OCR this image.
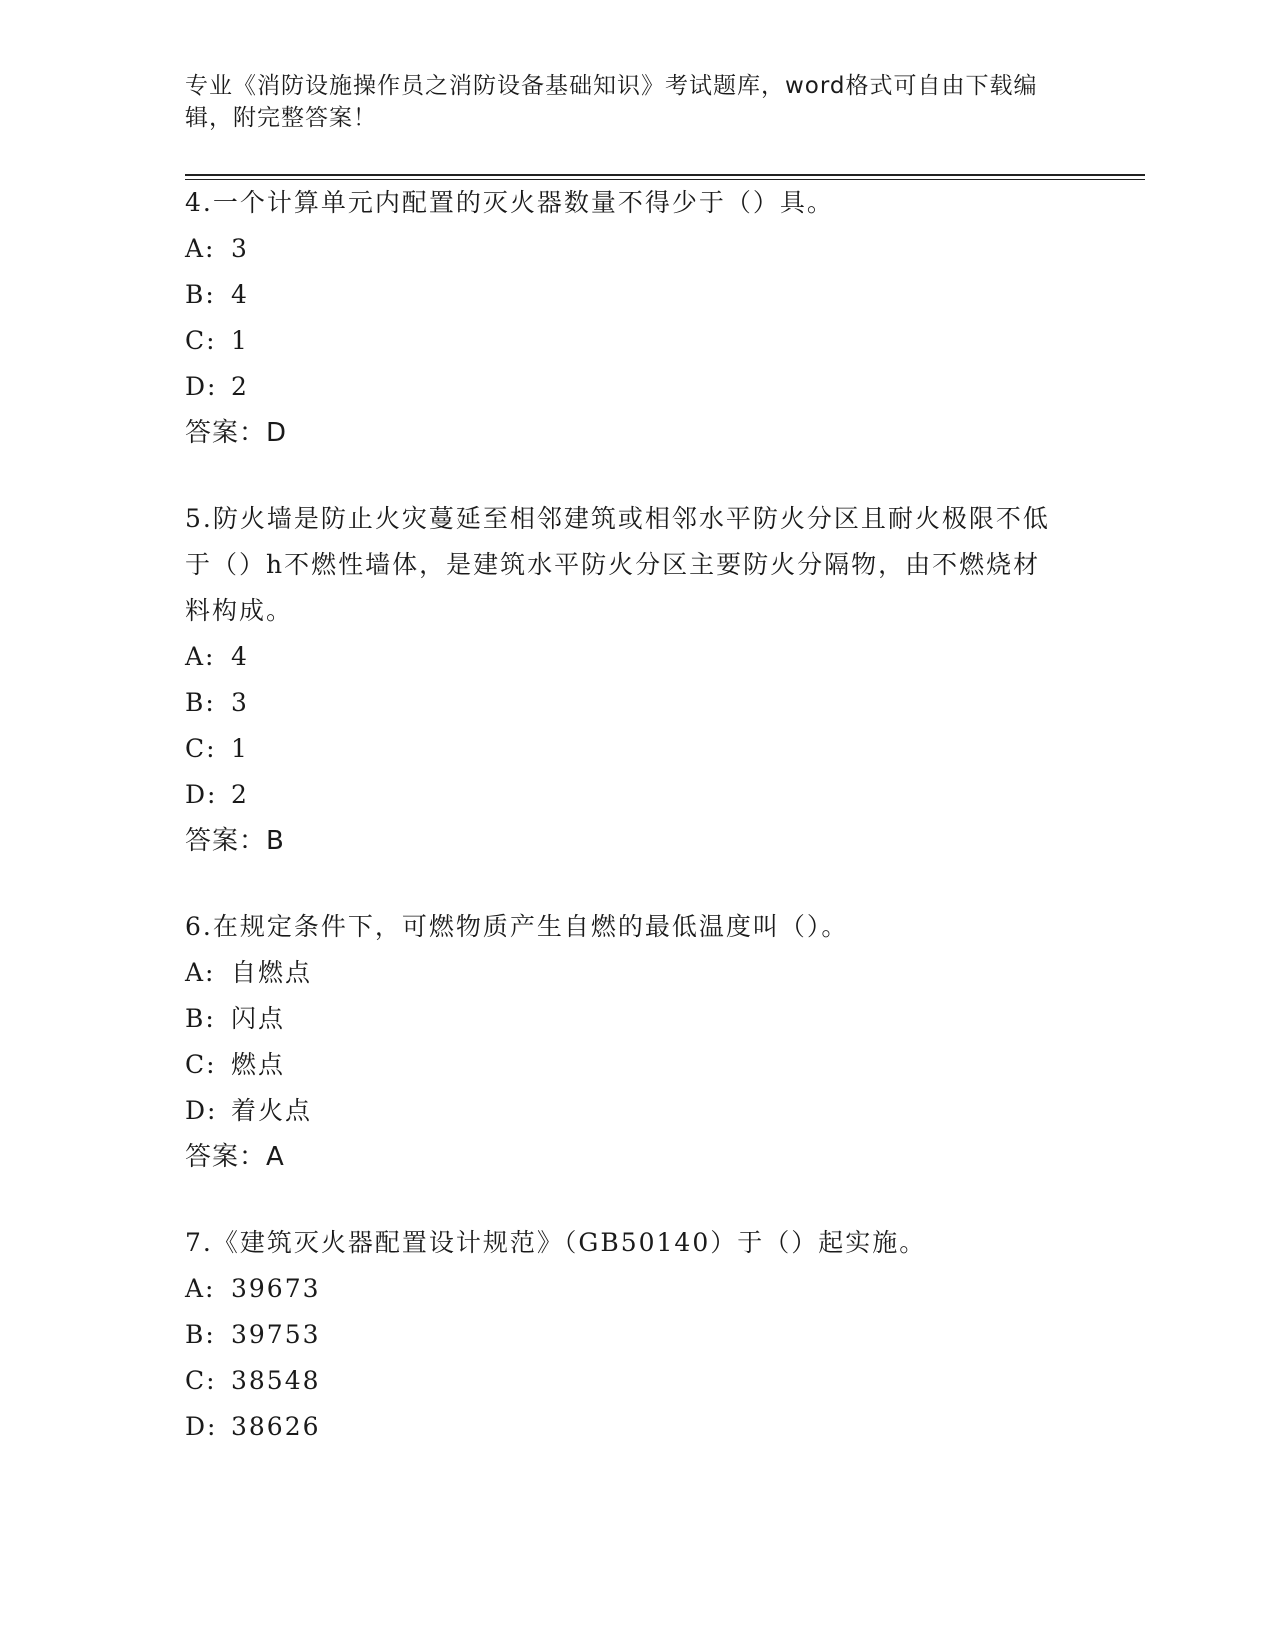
专业《消防设施操作员之消防设备基础知识》考试题库，word格式可自由下载编辑，附完整答案！

4.一个计算单元内配置的灭火器数量不得少于（）具。

A: 3

B: 4

C: 1

D: 2

答案：D

5.防火墙是防止火灾蔓延至相邻建筑或相邻水平防火分区且耐火极限不低于（）h不燃性墙体，是建筑水平防火分区主要防火分隔物，由不燃烧材料构成。

A: 4

B: 3

C: 1

D: 2

答案：B

6.在规定条件下，可燃物质产生自燃的最低温度叫（）。

A: 自燃点

B: 闪点

C: 燃点

D: 着火点

答案：A

7.《建筑灭火器配置设计规范》（GB50140）于（）起实施。

A: 39673

B: 39753

C: 38548

D: 38626
